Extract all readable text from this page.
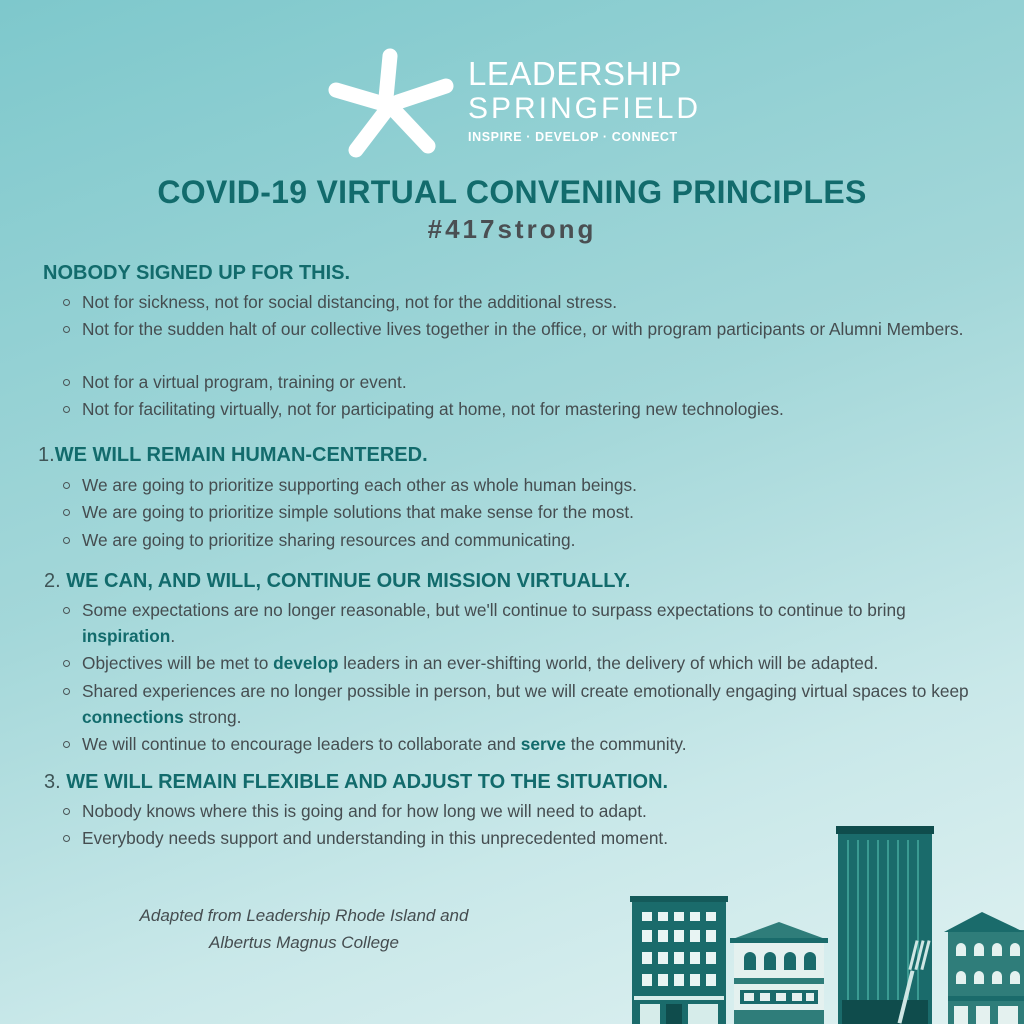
LEADERSHIP
SPRINGFIELD
INSPIRE · DEVELOP · CONNECT
COVID-19 VIRTUAL CONVENING PRINCIPLES
#417strong
NOBODY SIGNED UP FOR THIS.
Not for sickness, not for social distancing, not for the additional stress.
Not for the sudden halt of our collective lives together in the office, or with program participants or Alumni Members.
Not for a virtual program, training or event.
Not for facilitating virtually, not for participating at home, not for mastering new technologies.
1.WE WILL REMAIN HUMAN-CENTERED.
We are going to prioritize supporting each other as whole human beings.
We are going to prioritize simple solutions that make sense for the most.
We are going to prioritize sharing resources and communicating.
2. WE CAN, AND WILL, CONTINUE OUR MISSION VIRTUALLY.
Some expectations are no longer reasonable, but we'll continue to surpass expectations to continue to bring inspiration.
Objectives will be met to develop leaders in an ever-shifting world, the delivery of which will be adapted.
Shared experiences are no longer possible in person, but we will create emotionally engaging virtual spaces to keep connections strong.
We will continue to encourage leaders to collaborate and serve the community.
3. WE WILL REMAIN FLEXIBLE AND ADJUST TO THE SITUATION.
Nobody knows where this is going and for how long we will need to adapt.
Everybody needs support and understanding in this unprecedented moment.
Adapted from Leadership Rhode Island and
Albertus Magnus College
